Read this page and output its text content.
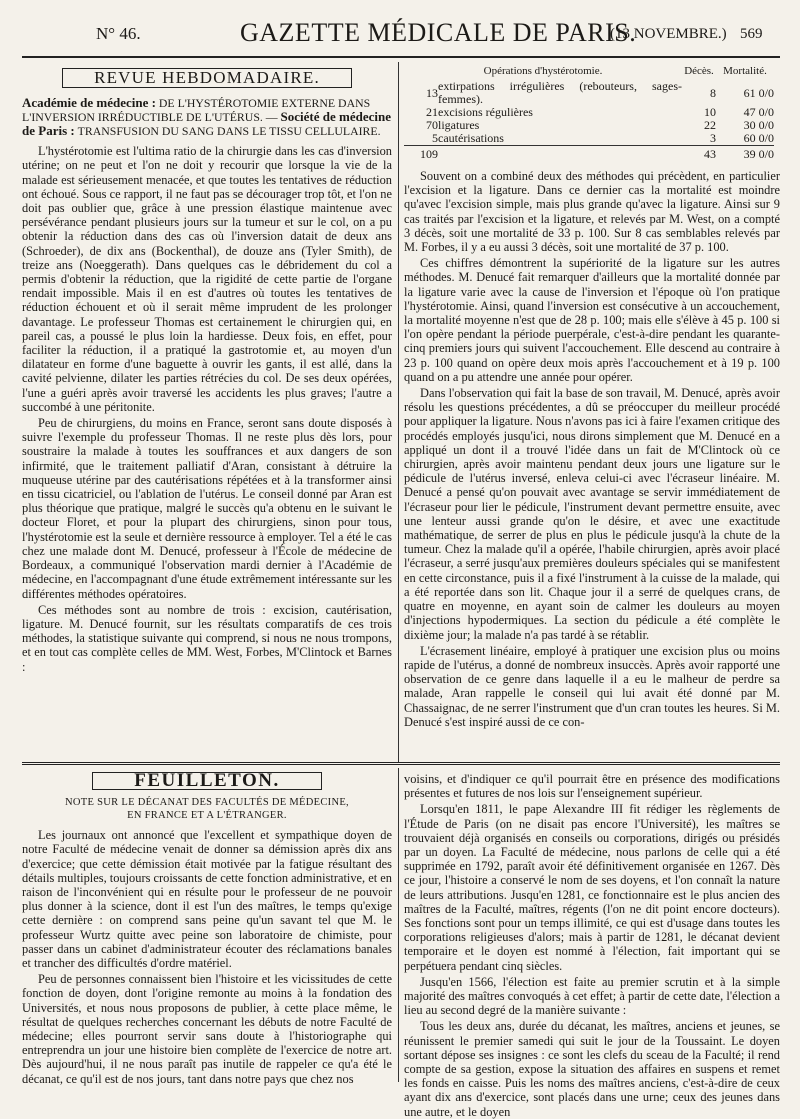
N° 46.	GAZETTE MÉDICALE DE PARIS.
(13 NOVEMBRE.) 569
REVUE HEBDOMADAIRE.
Académie de médecine : DE L'HYSTÉROTOMIE EXTERNE DANS L'INVERSION IRRÉDUCTIBLE DE L'UTÉRUS. — Société de médecine de Paris : TRANSFUSION DU SANG DANS LE TISSU CELLULAIRE.

L'hystérotomie est l'ultima ratio de la chirurgie dans les cas d'inversion utérine; on ne peut et l'on ne doit y recourir que lorsque la vie de la malade est sérieusement menacée, et que toutes les tentatives de réduction ont échoué. Sous ce rapport, il ne faut pas se décourager trop tôt, et l'on ne doit pas oublier que, grâce à une pression élastique maintenue avec persévérance pendant plusieurs jours sur la tumeur et sur le col, on a pu obtenir la réduction dans des cas où l'inversion datait de deux ans (Schroeder), de dix ans (Bockenthal), de douze ans (Tyler Smith), de treize ans (Noeggerath). Dans quelques cas le débridement du col a permis d'obtenir la réduction, que la rigidité de cette partie de l'organe rendait impossible. Mais il en est d'autres où toutes les tentatives de réduction échouent et où il serait même imprudent de les prolonger davantage. Le professeur Thomas est certainement le chirurgien qui, en pareil cas, a poussé le plus loin la hardiesse. Deux fois, en effet, pour faciliter la réduction, il a pratiqué la gastrotomie et, au moyen d'un dilatateur en forme d'une baguette à ouvrir les gants, il est allé, dans la cavité pelvienne, dilater les parties rétrécies du col. De ses deux opérées, l'une a guéri après avoir traversé les accidents les plus graves; l'autre a succombé à une péritonite.

Peu de chirurgiens, du moins en France, seront sans doute disposés à suivre l'exemple du professeur Thomas. Il ne reste plus dès lors, pour soustraire la malade à toutes les souffrances et aux dangers de son infirmité, que le traitement palliatif d'Aran, consistant à détruire la muqueuse utérine par des cautérisations répétées et à la transformer ainsi en tissu cicatriciel, ou l'ablation de l'utérus. Le conseil donné par Aran est plus théorique que pratique, malgré le succès qu'a obtenu en le suivant le docteur Floret, et pour la plupart des chirurgiens, sinon pour tous, l'hystérotomie est la seule et dernière ressource à employer. Tel a été le cas chez une malade dont M. Denucé, professeur à l'École de médecine de Bordeaux, a communiqué l'observation mardi dernier à l'Académie de médecine, en l'accompagnant d'une étude extrêmement intéressante sur les différentes méthodes opératoires.

Ces méthodes sont au nombre de trois : excision, cautérisation, ligature. M. Denucé fournit, sur les résultats comparatifs de ces trois méthodes, la statistique suivante qui comprend, si nous ne nous trompons, et en tout cas complète celles de MM. West, Forbes, M'Clintock et Barnes :

Opérations d'hystérotomie.		Décès.	Mortalité.
13	extirpations irrégulières (rebouteurs, sages-femmes).	8	61 0/0
21	excisions régulières	10	47 0/0
70	ligatures	22	30 0/0
5	cautérisations	3	60 0/0
109		43	39 0/0

Souvent on a combiné deux des méthodes qui précèdent, en particulier l'excision et la ligature. Dans ce dernier cas la mortalité est moindre qu'avec l'excision simple, mais plus grande qu'avec la ligature. Ainsi sur 9 cas traités par l'excision et la ligature, et relevés par M. West, on a compté 3 décès, soit une mortalité de 33 p. 100. Sur 8 cas semblables relevés par M. Forbes, il y a eu aussi 3 décès, soit une mortalité de 37 p. 100.

Ces chiffres démontrent la supériorité de la ligature sur les autres méthodes. M. Denucé fait remarquer d'ailleurs que la mortalité donnée par la ligature varie avec la cause de l'inversion et l'époque où l'on pratique l'hystérotomie. Ainsi, quand l'inversion est consécutive à un accouchement, la mortalité moyenne n'est que de 28 p. 100; mais elle s'élève à 45 p. 100 si l'on opère pendant la période puerpérale, c'est-à-dire pendant les quarante-cinq premiers jours qui suivent l'accouchement. Elle descend au contraire à 23 p. 100 quand on opère deux mois après l'accouchement et à 19 p. 100 quand on a pu attendre une année pour opérer.

Dans l'observation qui fait la base de son travail, M. Denucé, après avoir résolu les questions précédentes, a dû se préoccuper du meilleur procédé pour appliquer la ligature. Nous n'avons pas ici à faire l'examen critique des procédés employés jusqu'ici, nous dirons simplement que M. Denucé en a appliqué un dont il a trouvé l'idée dans un fait de M'Clintock où ce chirurgien, après avoir maintenu pendant deux jours une ligature sur le pédicule de l'utérus inversé, enleva celui-ci avec l'écraseur linéaire. M. Denucé a pensé qu'on pouvait avec avantage se servir immédiatement de l'écraseur pour lier le pédicule, l'instrument devant permettre ensuite, avec une lenteur aussi grande qu'on le désire, et avec une exactitude mathématique, de serrer de plus en plus le pédicule jusqu'à la chute de la tumeur. Chez la malade qu'il a opérée, l'habile chirurgien, après avoir placé l'écraseur, a serré jusqu'aux premières douleurs spéciales qui se manifestent en cette circonstance, puis il a fixé l'instrument à la cuisse de la malade, qui a été reportée dans son lit. Chaque jour il a serré de quelques crans, de quatre en moyenne, en ayant soin de calmer les douleurs au moyen d'injections hypodermiques. La section du pédicule a été complète le dixième jour; la malade n'a pas tardé à se rétablir.

L'écrasement linéaire, employé à pratiquer une excision plus ou moins rapide de l'utérus, a donné de nombreux insuccès. Après avoir rapporté une observation de ce genre dans laquelle il a eu le malheur de perdre sa malade, Aran rappelle le conseil qui lui avait été donné par M. Chassaignac, de ne serrer l'instrument que d'un cran toutes les heures. Si M. Denucé s'est inspiré aussi de ce con-

FEUILLETON.
NOTE SUR LE DÉCANAT DES FACULTÉS DE MÉDECINE,
EN FRANCE ET A L'ÉTRANGER.

Les journaux ont annoncé que l'excellent et sympathique doyen de notre Faculté de médecine venait de donner sa démission après dix ans d'exercice; que cette démission était motivée par la fatigue résultant des détails multiples, toujours croissants de cette fonction administrative, et en raison de l'inconvénient qui en résulte pour le professeur de ne pouvoir plus donner à la science, dont il est l'un des maîtres, le temps qu'exige cette dernière : on comprend sans peine qu'un savant tel que M. le professeur Wurtz quitte avec peine son laboratoire de chimiste, pour passer dans un cabinet d'administrateur écouter des réclamations banales et trancher des difficultés d'ordre matériel.

Peu de personnes connaissent bien l'histoire et les vicissitudes de cette fonction de doyen, dont l'origine remonte au moins à la fondation des Universités, et nous nous proposons de publier, à cette place même, le résultat de quelques recherches concernant les débuts de notre Faculté de médecine; elles pourront servir sans doute à l'historiographe qui entreprendra un jour une histoire bien complète de l'exercice de notre art. Dès aujourd'hui, il ne nous paraît pas inutile de rappeler ce qu'a été le décanat, ce qu'il est de nos jours, tant dans notre pays que chez nos

voisins, et d'indiquer ce qu'il pourrait être en présence des modifications présentes et futures de nos lois sur l'enseignement supérieur.

Lorsqu'en 1811, le pape Alexandre III fit rédiger les règlements de l'Étude de Paris (on ne disait pas encore l'Université), les maîtres se trouvaient déjà organisés en conseils ou corporations, dirigés ou présidés par un doyen. La Faculté de médecine, nous parlons de celle qui a été supprimée en 1792, paraît avoir été définitivement organisée en 1267. Dès ce jour, l'histoire a conservé le nom de ses doyens, et l'on connaît la nature de leurs attributions. Jusqu'en 1281, ce fonctionnaire est le plus ancien des maîtres de la Faculté, maîtres, régents (l'on ne dit point encore docteurs). Ses fonctions sont pour un temps illimité, ce qui est d'usage dans toutes les corporations religieuses d'alors; mais à partir de 1281, le décanat devient temporaire et le doyen est nommé à l'élection, fait important qui se perpétuera pendant cinq siècles.

Jusqu'en 1566, l'élection est faite au premier scrutin et à la simple majorité des maîtres convoqués à cet effet; à partir de cette date, l'élection a lieu au second degré de la manière suivante :

Tous les deux ans, durée du décanat, les maîtres, anciens et jeunes, se réunissent le premier samedi qui suit le jour de la Toussaint. Le doyen sortant dépose ses insignes : ce sont les clefs du sceau de la Faculté; il rend compte de sa gestion, expose la situation des affaires en suspens et remet les fonds en caisse. Puis les noms des maîtres anciens, c'est-à-dire de ceux ayant dix ans d'exercice, sont placés dans une urne; ceux des jeunes dans une autre, et le doyen
